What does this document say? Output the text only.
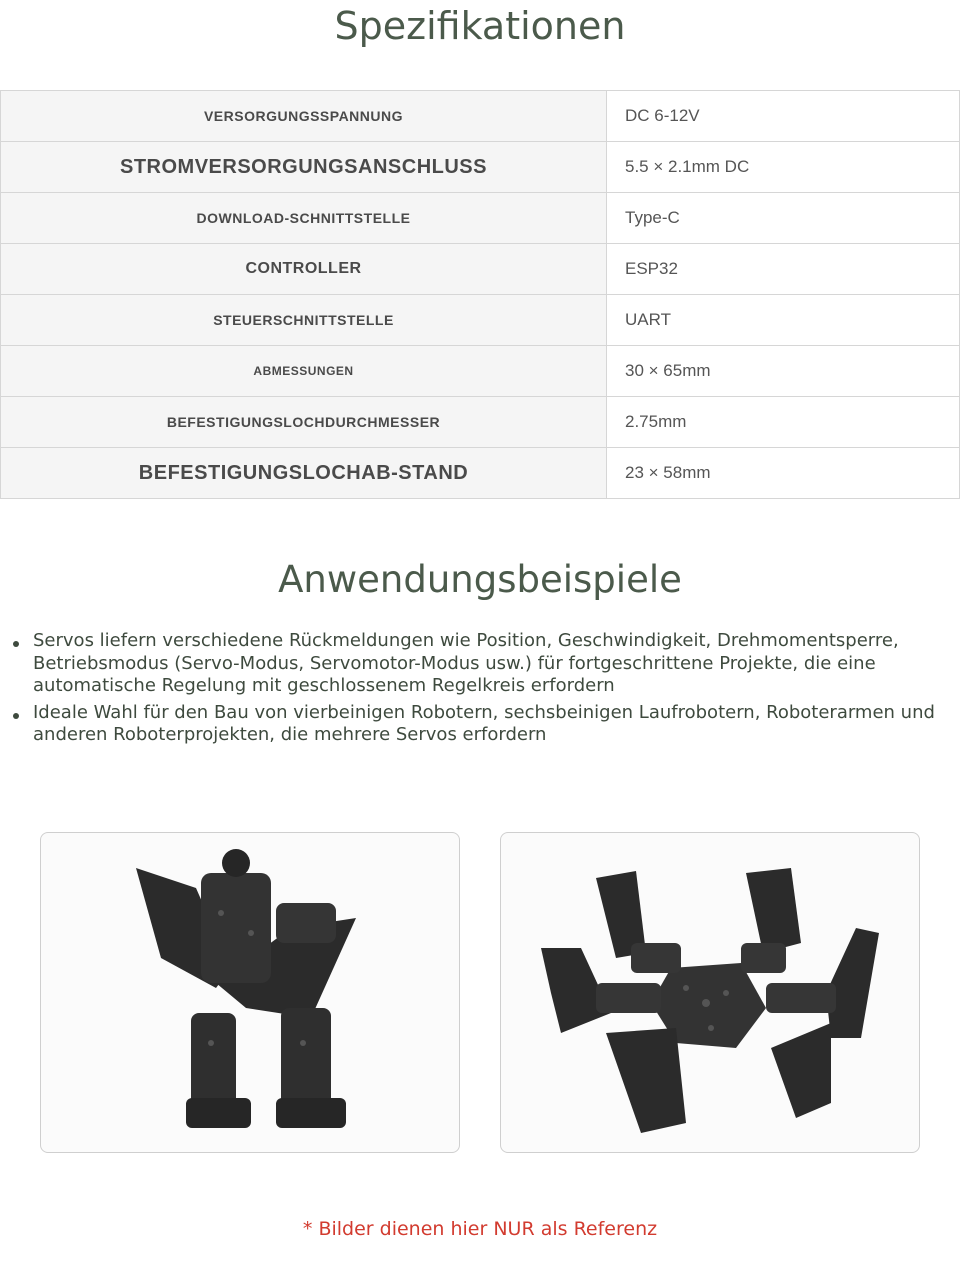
Spezifikationen
VERSORGUNGSSPANNUNG	DC 6-12V
STROMVERSORGUNGSANSCHLUSS	5.5 × 2.1mm DC
DOWNLOAD-SCHNITTSTELLE	Type-C
CONTROLLER	ESP32
STEUERSCHNITTSTELLE	UART
ABMESSUNGEN	30 × 65mm
BEFESTIGUNGSLOCHDURCHMESSER	2.75mm
BEFESTIGUNGSLOCHAB-STAND	23 × 58mm
Anwendungsbeispiele
Servos liefern verschiedene Rückmeldungen wie Position, Geschwindigkeit, Drehmomentsperre, Betriebsmodus (Servo-Modus, Servomotor-Modus usw.) für fortgeschrittene Projekte, die eine automatische Regelung mit geschlossenem Regelkreis erfordern
Ideale Wahl für den Bau von vierbeinigen Robotern, sechsbeinigen Laufrobotern, Roboterarmen und anderen Roboterprojekten, die mehrere Servos erfordern
* Bilder dienen hier NUR als Referenz
